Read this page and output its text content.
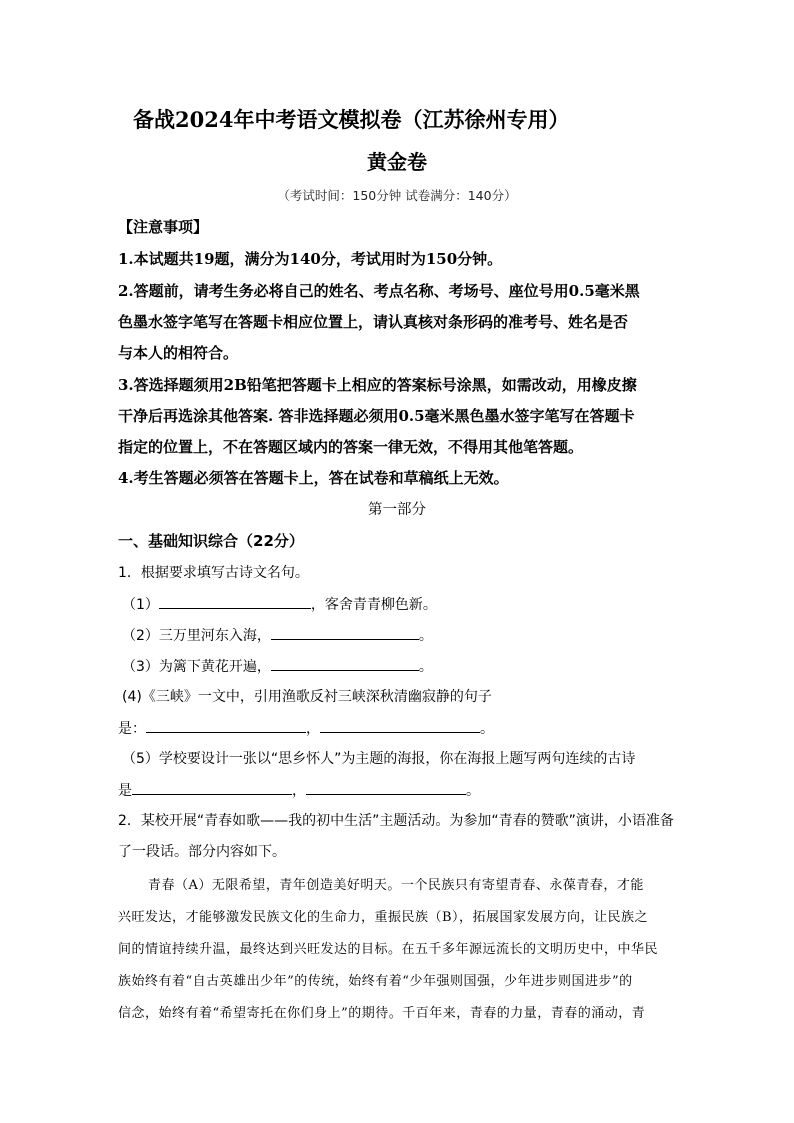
备战2024年中考语文模拟卷（江苏徐州专用）
黄金卷
（考试时间：150分钟 试卷满分：140分）
【注意事项】
1.本试题共19题，满分为140分，考试用时为150分钟。
2.答题前，请考生务必将自己的姓名、考点名称、考场号、座位号用0.5毫米黑
色墨水签字笔写在答题卡相应位置上，请认真核对条形码的准考号、姓名是否
与本人的相符合。
3.答选择题须用2B铅笔把答题卡上相应的答案标号涂黑，如需改动，用橡皮擦
干净后再选涂其他答案. 答非选择题必须用0.5毫米黑色墨水签字笔写在答题卡
指定的位置上，不在答题区域内的答案一律无效，不得用其他笔答题。
4.考生答题必须答在答题卡上，答在试卷和草稿纸上无效。
第一部分
一、基础知识综合（22分）
1．根据要求填写古诗文名句。
（1）	，客舍青青柳色新。
（2）三万里河东入海，	。
（3）为篱下黄花开遍，	。
(4)《三峡》一文中，引用渔歌反衬三峡深秋清幽寂静的句子
是：	，	。
（5）学校要设计一张以“思乡怀人”为主题的海报，你在海报上题写两句连续的古诗
是	，	。
2．某校开展“青春如歌——我的初中生活”主题活动。为参加“青春的赞歌”演讲，小语准备
了一段话。部分内容如下。
青春（A）无限希望，青年创造美好明天。一个民族只有寄望青春、永葆青春，才能
兴旺发达，才能够激发民族文化的生命力，重振民族（B），拓展国家发展方向，让民族之
间的情谊持续升温，最终达到兴旺发达的目标。在五千多年源远流长的文明历史中，中华民
族始终有着“自古英雄出少年”的传统，始终有着“少年强则国强，少年进步则国进步”的
信念，始终有着“希望寄托在你们身上”的期待。千百年来，青春的力量，青春的涌动，青
